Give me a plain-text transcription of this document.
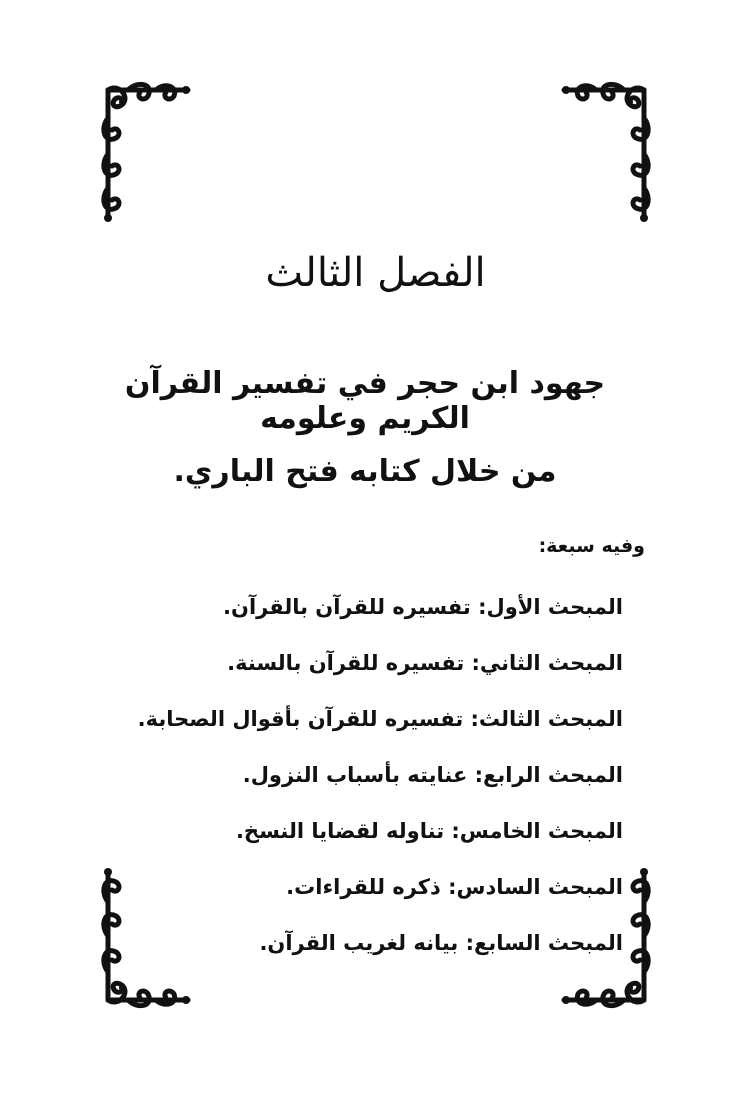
الفصل الثالث
جهود ابن حجر في تفسير القرآن الكريم وعلومه
من خلال كتابه فتح الباري.
وفيه سبعة:
المبحث الأول: تفسيره للقرآن بالقرآن.
المبحث الثاني: تفسيره للقرآن بالسنة.
المبحث الثالث: تفسيره للقرآن بأقوال الصحابة.
المبحث الرابع: عنايته بأسباب النزول.
المبحث الخامس: تناوله لقضايا النسخ.
المبحث السادس: ذكره للقراءات.
المبحث السابع: بيانه لغريب القرآن.
